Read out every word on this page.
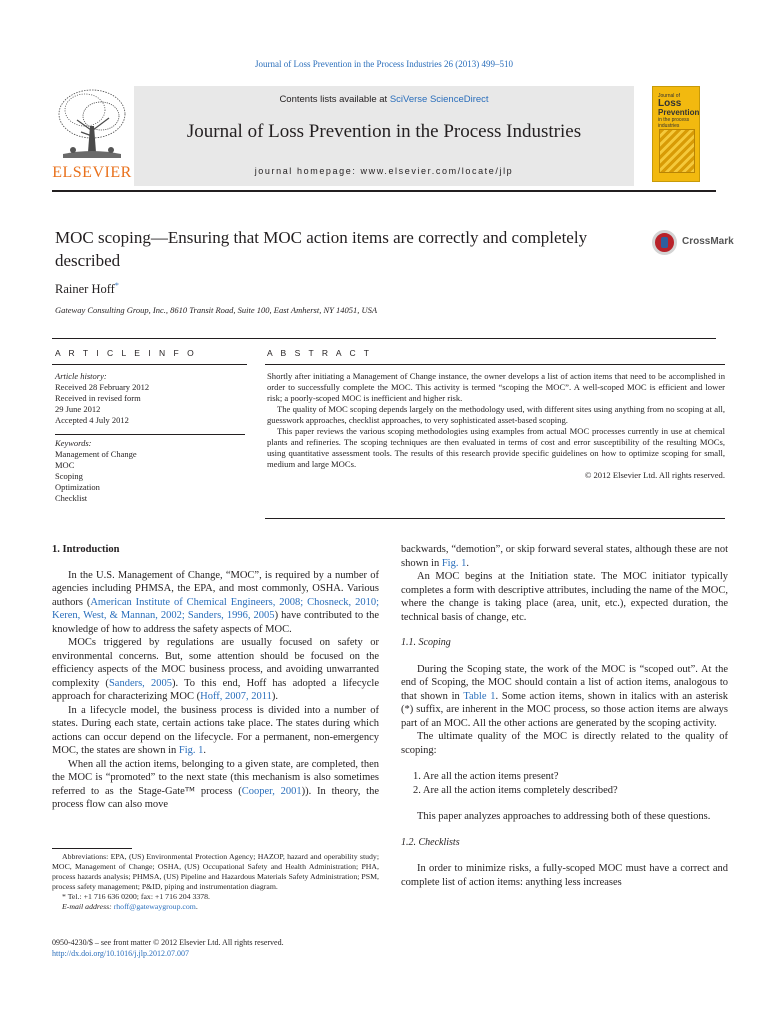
Journal of Loss Prevention in the Process Industries 26 (2013) 499–510
ELSEVIER
Contents lists available at SciVerse ScienceDirect
Journal of Loss Prevention in the Process Industries
journal homepage: www.elsevier.com/locate/jlp
Journal of
Loss
Prevention
in the process industries
MOC scoping—Ensuring that MOC action items are correctly and completely described
CrossMark
Rainer Hoff*
Gateway Consulting Group, Inc., 8610 Transit Road, Suite 100, East Amherst, NY 14051, USA
A R T I C L E I N F O	A B S T R A C T
Article history:
Received 28 February 2012
Received in revised form
29 June 2012
Accepted 4 July 2012
Keywords:
Management of Change
MOC
Scoping
Optimization
Checklist

Shortly after initiating a Management of Change instance, the owner develops a list of action items that need to be accomplished in order to successfully complete the MOC. This activity is termed “scoping the MOC”. A well-scoped MOC is efficient and lower risk; a poorly-scoped MOC is inefficient and higher risk.

The quality of MOC scoping depends largely on the methodology used, with different sites using anything from no scoping at all, guesswork approaches, checklist approaches, to very sophisticated asset-based scoping.

This paper reviews the various scoping methodologies using examples from actual MOC processes currently in use at chemical plants and refineries. The scoping techniques are then evaluated in terms of cost and error susceptibility of the resulting MOCs, using quantitative assessment tools. The results of this research provide specific guidelines on how to optimize scoping for small, medium and large MOCs.

© 2012 Elsevier Ltd. All rights reserved.

1. Introduction

In the U.S. Management of Change, “MOC”, is required by a number of agencies including PHMSA, the EPA, and most commonly, OSHA. Various authors (American Institute of Chemical Engineers, 2008; Chosneck, 2010; Keren, West, & Mannan, 2002; Sanders, 1996, 2005) have contributed to the knowledge of how to address the safety aspects of MOC.

MOCs triggered by regulations are usually focused on safety or environmental concerns. But, some attention should be focused on the efficiency aspects of the MOC business process, and avoiding unwarranted complexity (Sanders, 2005). To this end, Hoff has adopted a lifecycle approach for characterizing MOC (Hoff, 2007, 2011).

In a lifecycle model, the business process is divided into a number of states. During each state, certain actions take place. The states during which actions can occur depend on the lifecycle. For a permanent, non-emergency MOC, the states are shown in Fig. 1.

When all the action items, belonging to a given state, are completed, then the MOC is “promoted” to the next state (this mechanism is also sometimes referred to as the Stage-Gate™ process (Cooper, 2001)). In theory, the process flow can also move

backwards, “demotion”, or skip forward several states, although these are not shown in Fig. 1.

An MOC begins at the Initiation state. The MOC initiator typically completes a form with descriptive attributes, including the name of the MOC, where the change is taking place (area, unit, etc.), expected duration, the technical basis of change, etc.

1.1. Scoping

During the Scoping state, the work of the MOC is “scoped out”. At the end of Scoping, the MOC should contain a list of action items, analogous to that shown in Table 1. Some action items, shown in italics with an asterisk (*) suffix, are inherent in the MOC process, so those action items are always part of an MOC. All the other actions are generated by the scoping activity.

The ultimate quality of the MOC is directly related to the quality of scoping:

1. Are all the action items present?
2. Are all the action items completely described?

This paper analyzes approaches to addressing both of these questions.

1.2. Checklists

In order to minimize risks, a fully-scoped MOC must have a correct and complete list of action items: anything less increases

Abbreviations: EPA, (US) Environmental Protection Agency; HAZOP, hazard and operability study; MOC, Management of Change; OSHA, (US) Occupational Safety and Health Administration; PHA, process hazards analysis; PHMSA, (US) Pipeline and Hazardous Materials Safety Administration; PSM, process safety management; P&ID, piping and instrumentation diagram.

* Tel.: +1 716 636 0200; fax: +1 716 204 3378.

E-mail address: rhoff@gatewaygroup.com.

0950-4230/$ – see front matter © 2012 Elsevier Ltd. All rights reserved.
http://dx.doi.org/10.1016/j.jlp.2012.07.007
